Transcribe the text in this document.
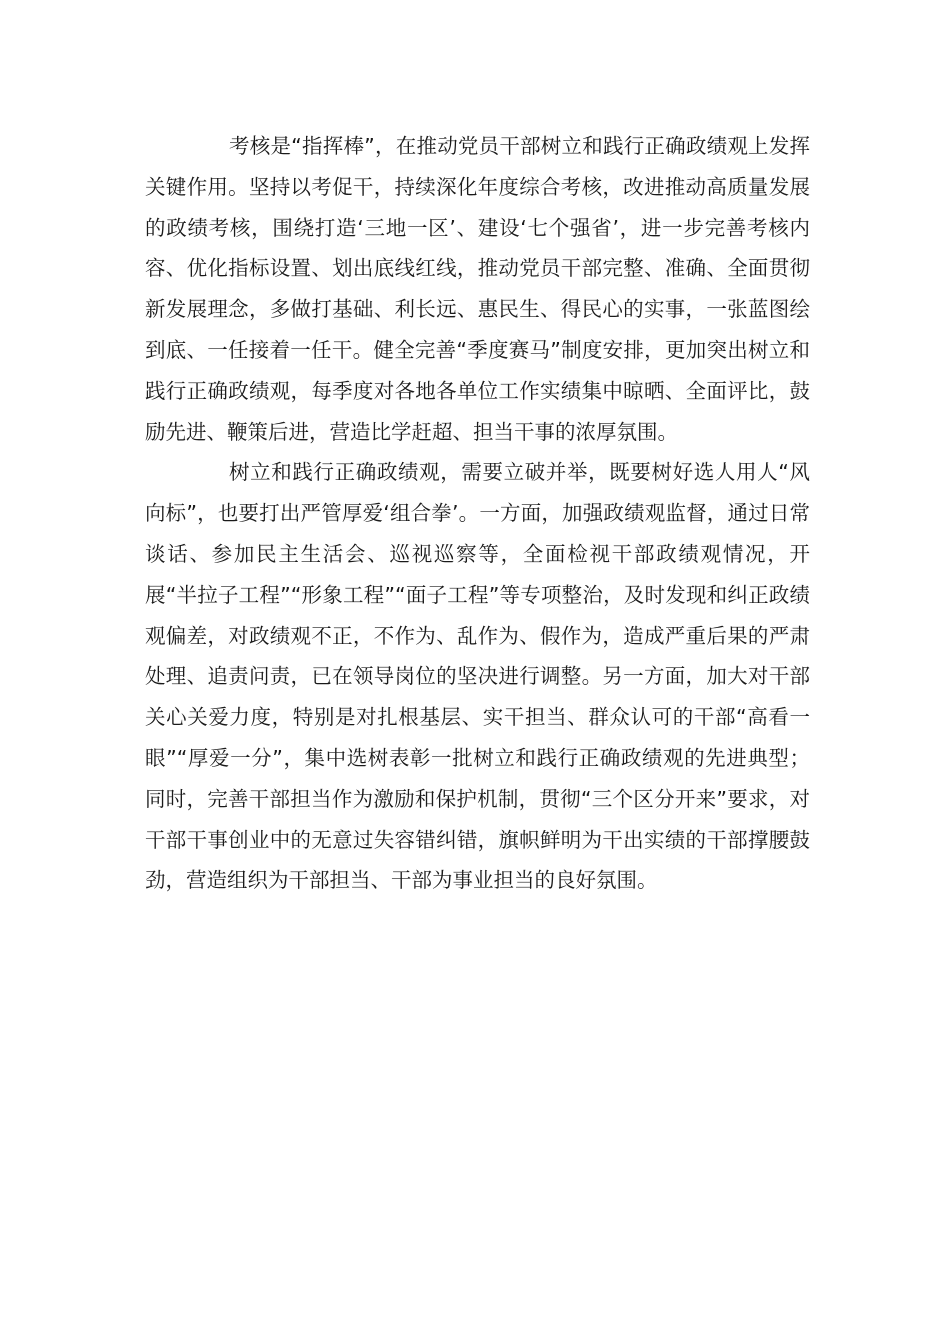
考核是“指挥棒”，在推动党员干部树立和践行正确政绩观上发挥关键作用。坚持以考促干，持续深化年度综合考核，改进推动高质量发展的政绩考核，围绕打造‘三地一区’、建设‘七个强省’，进一步完善考核内容、优化指标设置、划出底线红线，推动党员干部完整、准确、全面贯彻新发展理念，多做打基础、利长远、惠民生、得民心的实事，一张蓝图绘到底、一任接着一任干。健全完善“季度赛马”制度安排，更加突出树立和践行正确政绩观，每季度对各地各单位工作实绩集中晾晒、全面评比，鼓励先进、鞭策后进，营造比学赶超、担当干事的浓厚氛围。

树立和践行正确政绩观，需要立破并举，既要树好选人用人“风向标”，也要打出严管厚爱‘组合拳’。一方面，加强政绩观监督，通过日常谈话、参加民主生活会、巡视巡察等，全面检视干部政绩观情况，开展“半拉子工程”“形象工程”“面子工程”等专项整治，及时发现和纠正政绩观偏差，对政绩观不正，不作为、乱作为、假作为，造成严重后果的严肃处理、追责问责，已在领导岗位的坚决进行调整。另一方面，加大对干部关心关爱力度，特别是对扎根基层、实干担当、群众认可的干部“高看一眼”“厚爱一分”，集中选树表彰一批树立和践行正确政绩观的先进典型；同时，完善干部担当作为激励和保护机制，贯彻“三个区分开来”要求，对干部干事创业中的无意过失容错纠错，旗帜鲜明为干出实绩的干部撑腰鼓劲，营造组织为干部担当、干部为事业担当的良好氛围。
